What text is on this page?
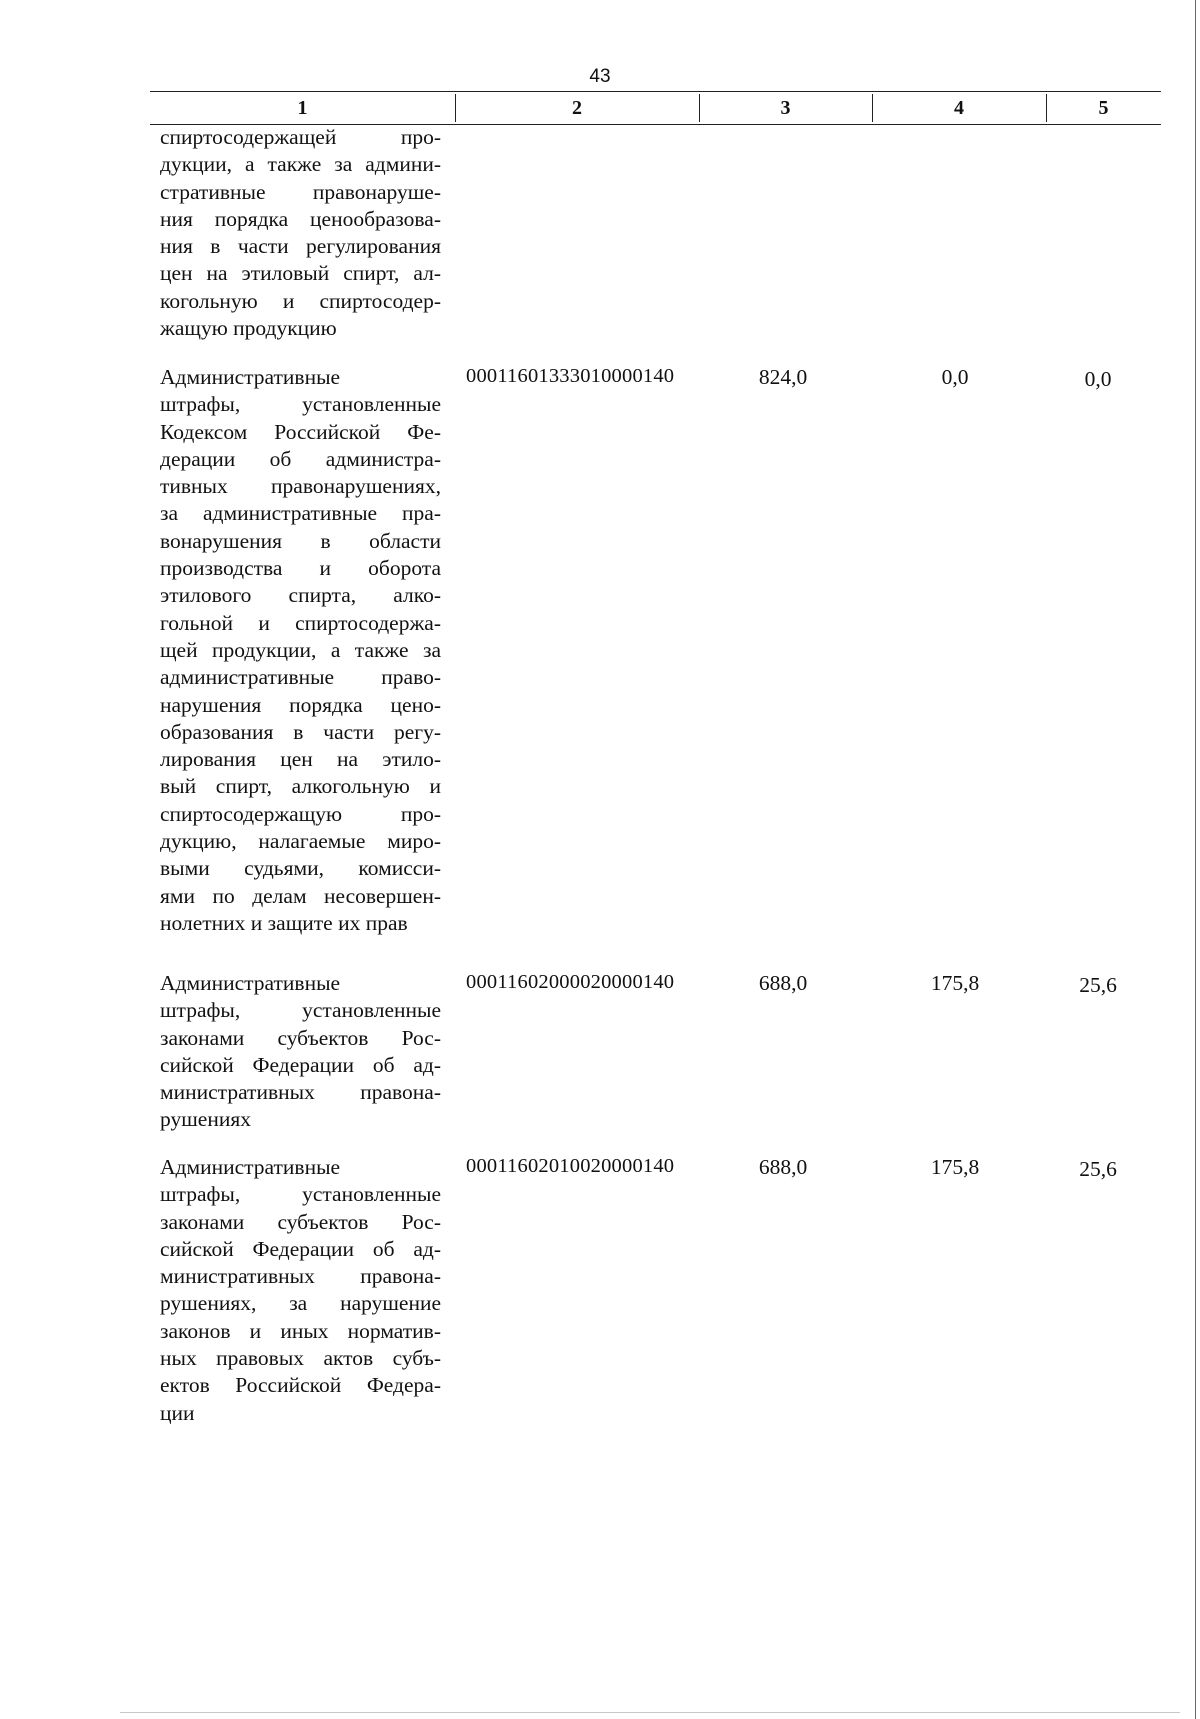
43
1	2	3	4	5
спиртосодержащей про-
дукции, а также за админи-
стративные правонаруше-
ния порядка ценообразова-
ния в части регулирования
цен на этиловый спирт, ал-
когольную и спиртосодер-
жащую продукцию
Административные
штрафы, установленные
Кодексом Российской Фе-
дерации об администра-
тивных правонарушениях,
за административные пра-
вонарушения в области
производства и оборота
этилового спирта, алко-
гольной и спиртосодержа-
щей продукции, а также за
административные право-
нарушения порядка цено-
образования в части регу-
лирования цен на этило-
вый спирт, алкогольную и
спиртосодержащую про-
дукцию, налагаемые миро-
выми судьями, комисси-
ями по делам несовершен-
нолетних и защите их прав
00011601333010000140	824,0	0,0	0,0
Административные
штрафы, установленные
законами субъектов Рос-
сийской Федерации об ад-
министративных правона-
рушениях
00011602000020000140	688,0	175,8	25,6
Административные
штрафы, установленные
законами субъектов Рос-
сийской Федерации об ад-
министративных правона-
рушениях, за нарушение
законов и иных норматив-
ных правовых актов субъ-
ектов Российской Федера-
ции
00011602010020000140	688,0	175,8	25,6
